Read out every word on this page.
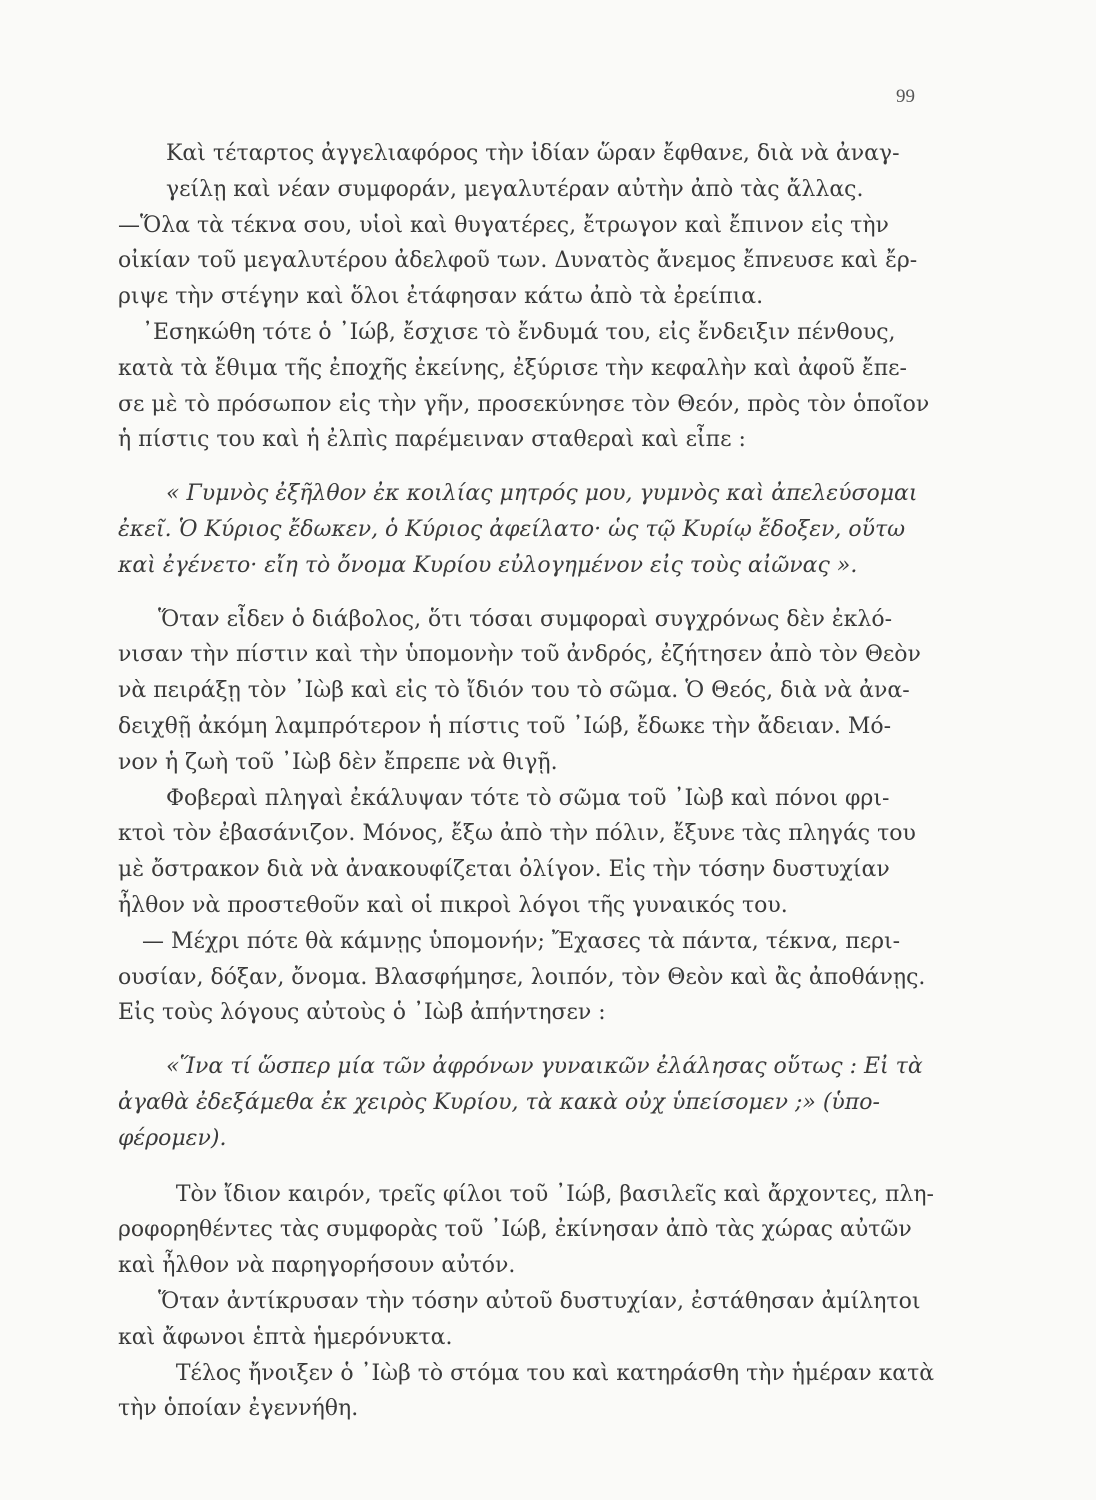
99
Καὶ τέταρτος ἀγγελιαφόρος τὴν ἰδίαν ὥραν ἔφθανε, διὰ νὰ ἀναγ-
γείλῃ καὶ νέαν συμφοράν, μεγαλυτέραν αὐτὴν ἀπὸ τὰς ἄλλας.
—Ὅλα τὰ τέκνα σου, υἱοὶ καὶ θυγατέρες, ἔτρωγον καὶ ἔπινον εἰς τὴν
οἰκίαν τοῦ μεγαλυτέρου ἀδελφοῦ των. Δυνατὸς ἄνεμος ἔπνευσε καὶ ἔρ-
ριψε τὴν στέγην καὶ ὅλοι ἐτάφησαν κάτω ἀπὸ τὰ ἐρείπια.
᾿Εσηκώθη τότε ὁ ᾿Ιώβ, ἔσχισε τὸ ἔνδυμά του, εἰς ἔνδειξιν πένθους,
κατὰ τὰ ἔθιμα τῆς ἐποχῆς ἐκείνης, ἐξύρισε τὴν κεφαλὴν καὶ ἀφοῦ ἔπε-
σε μὲ τὸ πρόσωπον εἰς τὴν γῆν, προσεκύνησε τὸν Θεόν, πρὸς τὸν ὁποῖον
ἡ πίστις του καὶ ἡ ἐλπὶς παρέμειναν σταθεραὶ καὶ εἶπε :
« Γυμνὸς ἐξῆλθον ἐκ κοιλίας μητρός μου, γυμνὸς καὶ ἀπελεύσομαι
ἐκεῖ. Ὁ Κύριος ἔδωκεν, ὁ Κύριος ἀφείλατο· ὡς τῷ Κυρίῳ ἔδοξεν, οὕτω
καὶ ἐγένετο· εἴη τὸ ὄνομα Κυρίου εὐλογημένον εἰς τοὺς αἰῶνας ».
Ὅταν εἶδεν ὁ διάβολος, ὅτι τόσαι συμφοραὶ συγχρόνως δὲν ἐκλό-
νισαν τὴν πίστιν καὶ τὴν ὑπομονὴν τοῦ ἀνδρός, ἐζήτησεν ἀπὸ τὸν Θεὸν
νὰ πειράξῃ τὸν ᾿Ιὼβ καὶ εἰς τὸ ἴδιόν του τὸ σῶμα. Ὁ Θεός, διὰ νὰ ἀνα-
δειχθῇ ἀκόμη λαμπρότερον ἡ πίστις τοῦ ᾿Ιώβ, ἔδωκε τὴν ἄδειαν. Μό-
νον ἡ ζωὴ τοῦ ᾿Ιὼβ δὲν ἔπρεπε νὰ θιγῇ.
Φοβεραὶ πληγαὶ ἐκάλυψαν τότε τὸ σῶμα τοῦ ᾿Ιὼβ καὶ πόνοι φρι-
κτοὶ τὸν ἐβασάνιζον. Μόνος, ἔξω ἀπὸ τὴν πόλιν, ἔξυνε τὰς πληγάς του
μὲ ὄστρακον διὰ νὰ ἀνακουφίζεται ὀλίγον. Εἰς τὴν τόσην δυστυχίαν
ἦλθον νὰ προστεθοῦν καὶ οἱ πικροὶ λόγοι τῆς γυναικός του.
— Μέχρι πότε θὰ κάμνῃς ὑπομονήν; Ἔχασες τὰ πάντα, τέκνα, περι-
ουσίαν, δόξαν, ὄνομα. Βλασφήμησε, λοιπόν, τὸν Θεὸν καὶ ἂς ἀποθάνῃς.
Εἰς τοὺς λόγους αὐτοὺς ὁ ᾿Ιὼβ ἀπήντησεν :
«Ἵνα τί ὥσπερ μία τῶν ἀφρόνων γυναικῶν ἐλάλησας οὕτως : Εἰ τὰ
ἀγαθὰ ἐδεξάμεθα ἐκ χειρὸς Κυρίου, τὰ κακὰ οὐχ ὑπείσομεν ;» (ὑπο-
φέρομεν).
Τὸν ἴδιον καιρόν, τρεῖς φίλοι τοῦ ᾿Ιώβ, βασιλεῖς καὶ ἄρχοντες, πλη-
ροφορηθέντες τὰς συμφορὰς τοῦ ᾿Ιώβ, ἐκίνησαν ἀπὸ τὰς χώρας αὐτῶν
καὶ ἦλθον νὰ παρηγορήσουν αὐτόν.
Ὅταν ἀντίκρυσαν τὴν τόσην αὐτοῦ δυστυχίαν, ἐστάθησαν ἀμίλητοι
καὶ ἄφωνοι ἑπτὰ ἡμερόνυκτα.
Τέλος ἤνοιξεν ὁ ᾿Ιὼβ τὸ στόμα του καὶ κατηράσθη τὴν ἡμέραν κατὰ
τὴν ὁποίαν ἐγεννήθη.
